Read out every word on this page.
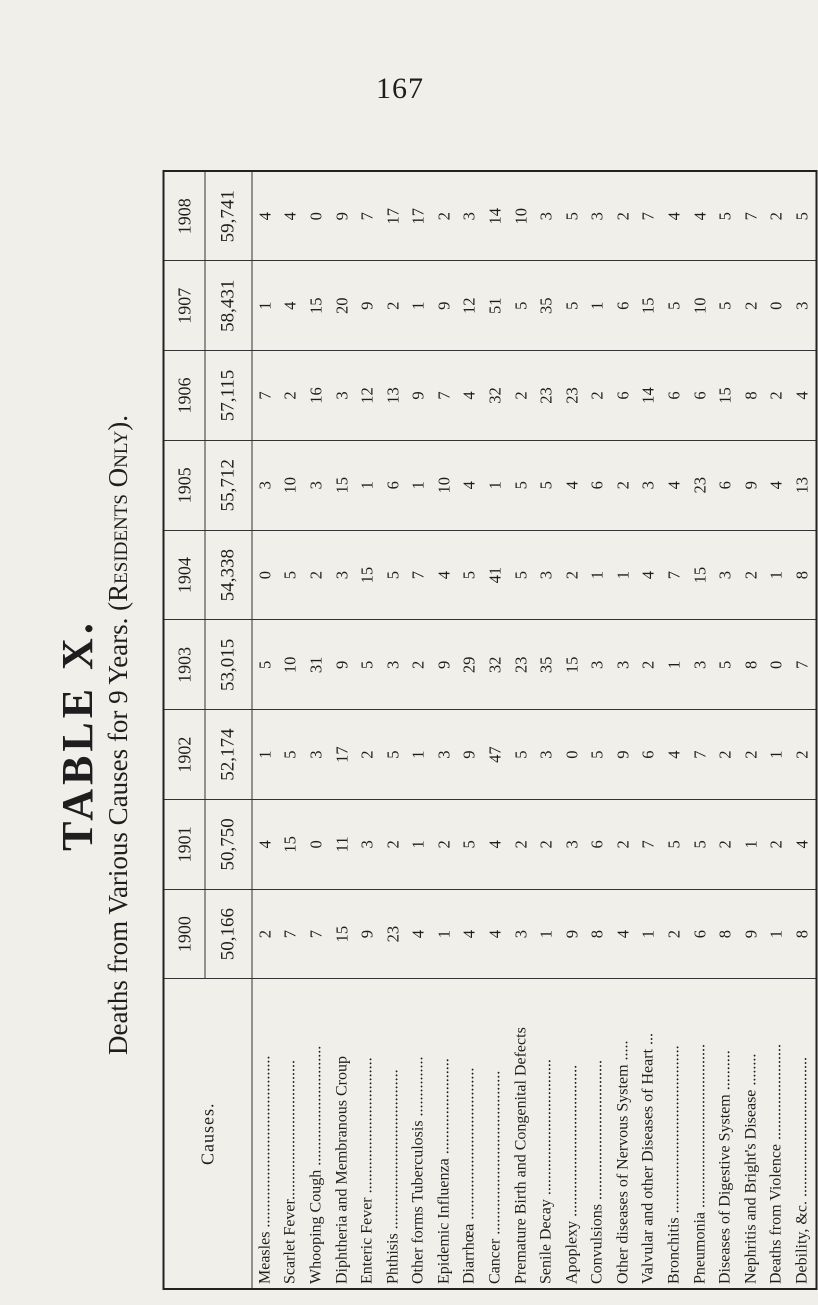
167
TABLE X. Deaths from Various Causes for 9 Years. (Residents Only).
Causes.	1900	1901	1902	1903	1904	1905	1906	1907	1908
	50,166	50,750	52,174	53,015	54,338	55,712	57,115	58,431	59,741
Measles ...........................................	2	4	1	5	0	3	7	1	4
Scarlet Fever...................................	7	15	5	10	5	10	2	4	4
Whooping Cough ..............................	7	0	3	31	2	3	16	15	0
Diphtheria and Membranous Croup	15	11	17	9	3	15	3	20	9
Enteric Fever ..................................	9	3	2	5	15	1	12	9	7
Phthisis ........................................	23	2	5	3	5	6	13	2	17
Other forms Tuberculosis ...............	4	1	1	2	7	1	9	1	17
Epidemic Influenza ........................	1	2	3	9	4	10	7	9	2
Diarrhœa ......................................	4	5	9	29	5	4	4	12	3
Cancer .........................................	4	4	47	32	41	1	32	51	14
Premature Birth and Congenital Defects	3	2	5	23	5	5	2	5	10
Senile Decay ..................................	1	2	3	35	3	5	23	35	3
Apoplexy ......................................	9	3	0	15	2	4	23	5	5
Convulsions ...................................	8	6	5	3	1	6	2	1	3
Other diseases of Nervous System .....	4	2	9	3	1	2	6	6	2
Valvular and other Diseases of Heart ...	1	7	6	2	4	3	14	15	7
Bronchitis ..........................................	2	5	4	1	7	4	6	5	4
Pneumonia .........................................	6	5	7	3	15	23	6	10	4
Diseases of Digestive System ..........	8	2	2	5	3	6	15	5	5
Nephritis and Bright's Disease ........	9	1	2	8	2	9	8	2	7
Deaths from Violence ........................	1	2	1	0	1	4	2	0	2
Debility, &c. ...................................	8	4	2	7	8	13	4	3	5
